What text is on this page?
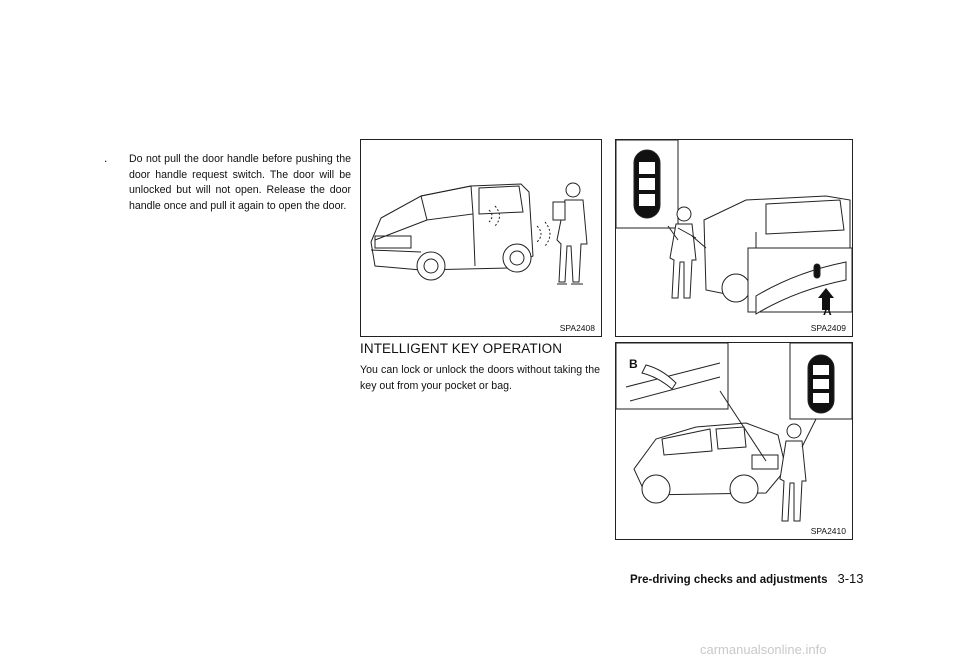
. Do not pull the door handle before pushing the door handle request switch. The door will be unlocked but will not open. Release the door handle once and pull it again to open the door.
SPA2408
A
SPA2409
B
SPA2410
INTELLIGENT KEY OPERATION
You can lock or unlock the doors without taking the key out from your pocket or bag.
Pre-driving checks and adjustments 3-13
carmanualsonline.info
